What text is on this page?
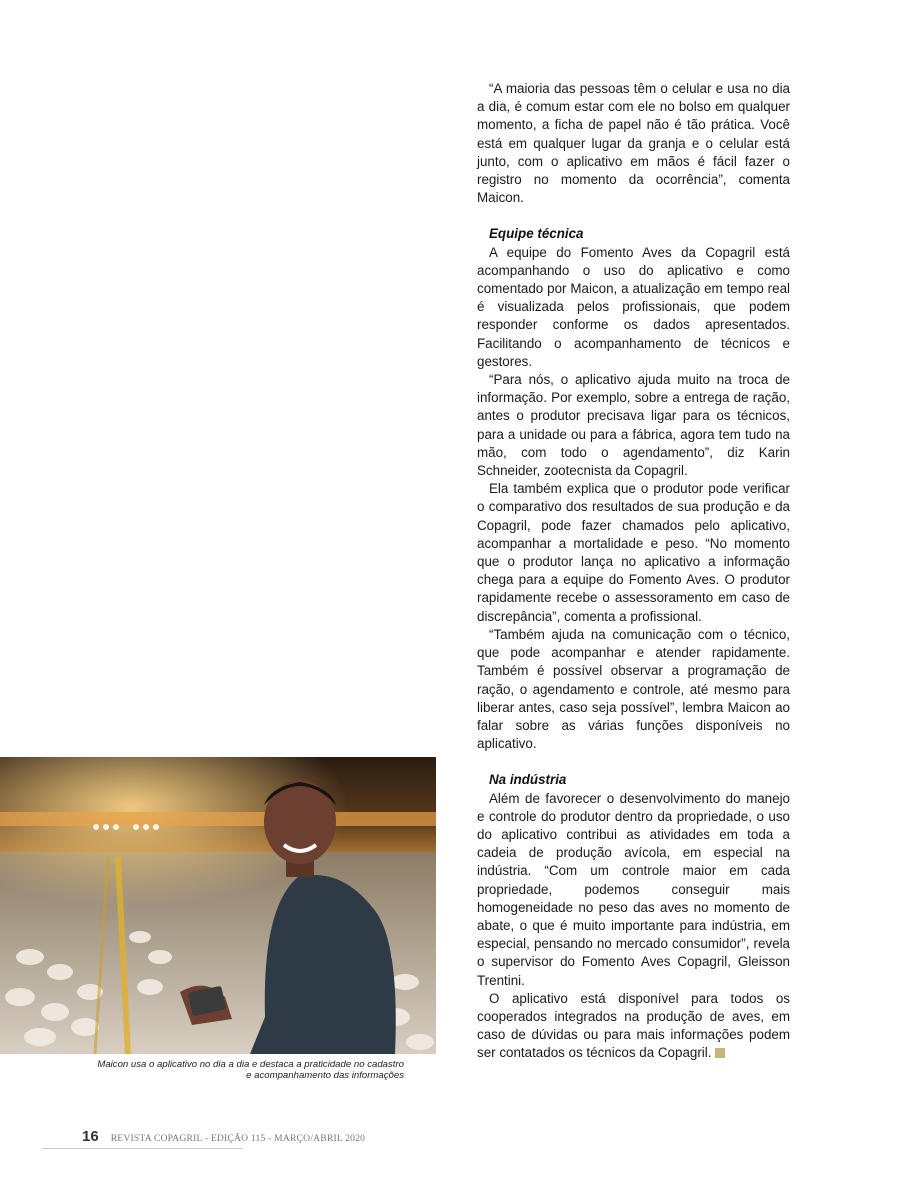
“A maioria das pessoas têm o celular e usa no dia a dia, é comum estar com ele no bolso em qualquer momento, a ficha de papel não é tão prática. Você está em qualquer lugar da granja e o celular está junto, com o aplicativo em mãos é fácil fazer o registro no momento da ocorrência”, comenta Maicon.

Equipe técnica

A equipe do Fomento Aves da Copagril está acompanhando o uso do aplicativo e como comentado por Maicon, a atualização em tempo real é visualizada pelos profissionais, que podem responder conforme os dados apresentados. Facilitando o acompanhamento de técnicos e gestores.

“Para nós, o aplicativo ajuda muito na troca de informação. Por exemplo, sobre a entrega de ração, antes o produtor precisava ligar para os técnicos, para a unidade ou para a fábrica, agora tem tudo na mão, com todo o agendamento”, diz Karin Schneider, zootecnista da Copagril.

Ela também explica que o produtor pode verificar o comparativo dos resultados de sua produção e da Copagril, pode fazer chamados pelo aplicativo, acompanhar a mortalidade e peso. “No momento que o produtor lança no aplicativo a informação chega para a equipe do Fomento Aves. O produtor rapidamente recebe o assessoramento em caso de discrepância”, comenta a profissional.

“Também ajuda na comunicação com o técnico, que pode acompanhar e atender rapidamente. Também é possível observar a programação de ração, o agendamento e controle, até mesmo para liberar antes, caso seja possível”, lembra Maicon ao falar sobre as várias funções disponíveis no aplicativo.

Na indústria

Além de favorecer o desenvolvimento do manejo e controle do produtor dentro da propriedade, o uso do aplicativo contribui as atividades em toda a cadeia de produção avícola, em especial na indústria. “Com um controle maior em cada propriedade, podemos conseguir mais homogeneidade no peso das aves no momento de abate, o que é muito importante para indústria, em especial, pensando no mercado consumidor”, revela o supervisor do Fomento Aves Copagril, Gleisson Trentini.

O aplicativo está disponível para todos os cooperados integrados na produção de aves, em caso de dúvidas ou para mais informações podem ser contatados os técnicos da Copagril.

Maicon usa o aplicativo no dia a dia e destaca a praticidade no cadastro
e acompanhamento das informações
16 REVISTA COPAGRIL - EDIÇÃO 115 - MARÇO/ABRIL 2020
